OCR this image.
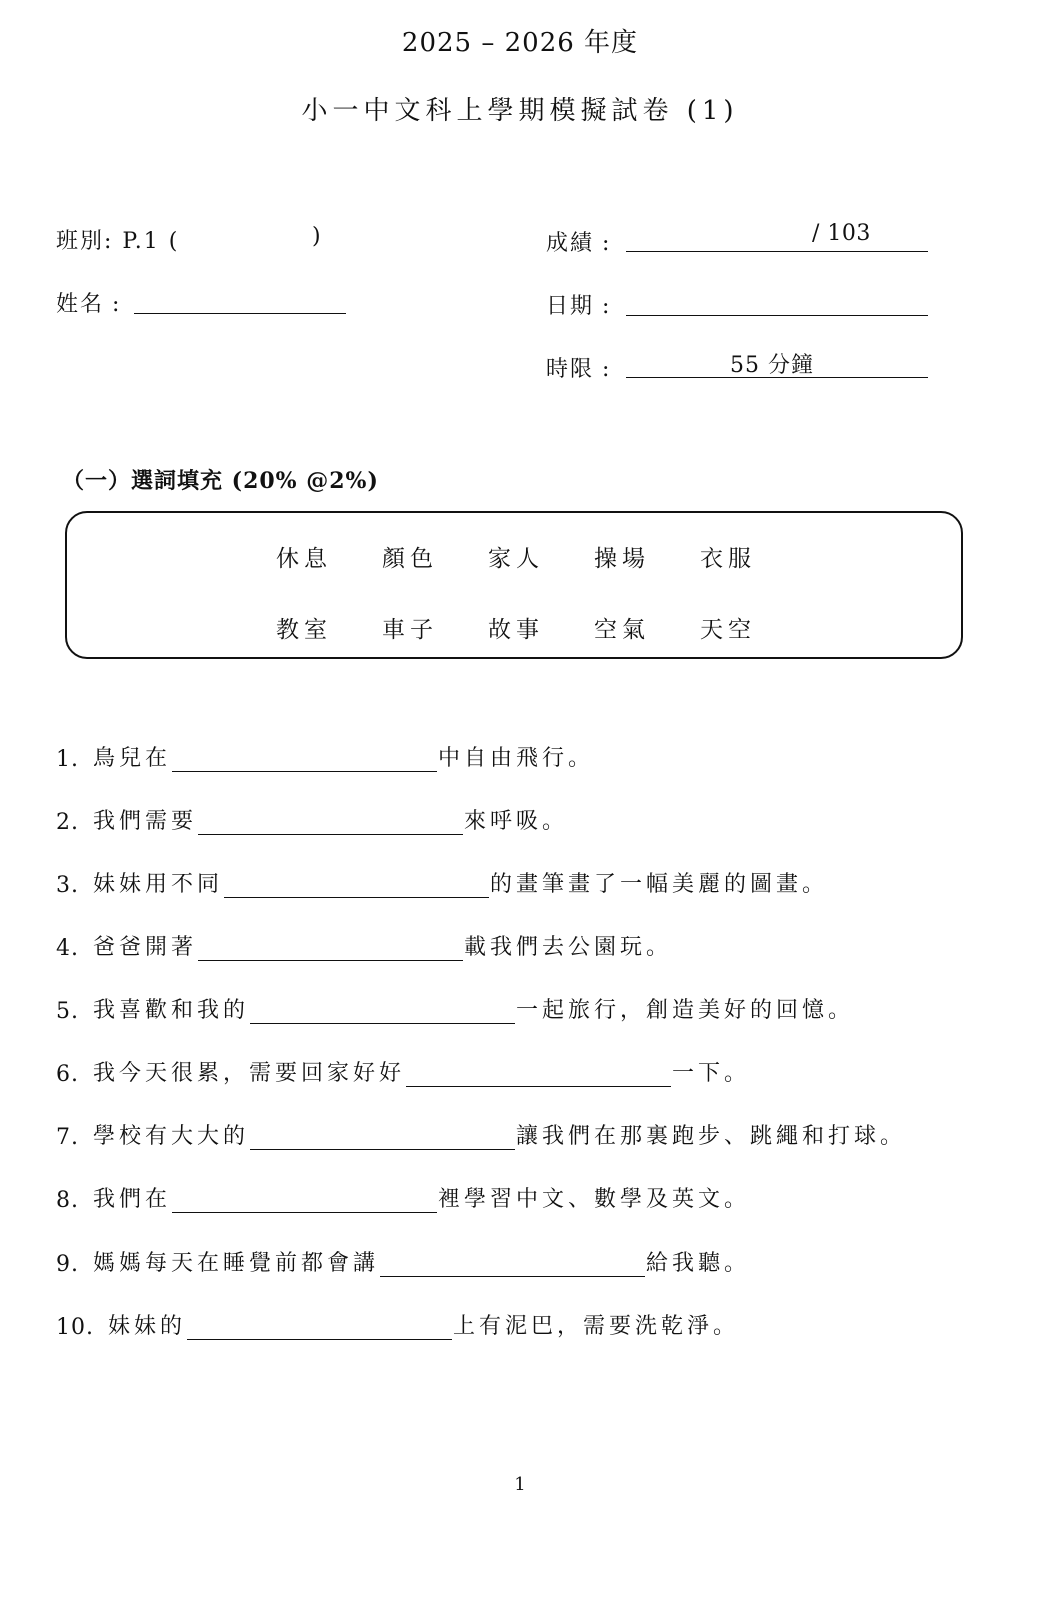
2025 – 2026 年度
小一中文科上學期模擬試卷 (1)
班別: P.1 (	)
姓名 :
成績 :	/ 103
日期 :
時限 :	55 分鐘
（一）選詞填充 (20% @2%)
休息	顏色	家人	操場	衣服
教室	車子	故事	空氣	天空
1. 鳥兒在	中自由飛行。
2. 我們需要	來呼吸。
3. 妹妹用不同	的畫筆畫了一幅美麗的圖畫。
4. 爸爸開著	載我們去公園玩。
5. 我喜歡和我的	一起旅行，創造美好的回憶。
6. 我今天很累，需要回家好好	一下。
7. 學校有大大的	讓我們在那裏跑步、跳繩和打球。
8. 我們在	裡學習中文、數學及英文。
9. 媽媽每天在睡覺前都會講	給我聽。
10. 妹妹的	上有泥巴，需要洗乾淨。
1
